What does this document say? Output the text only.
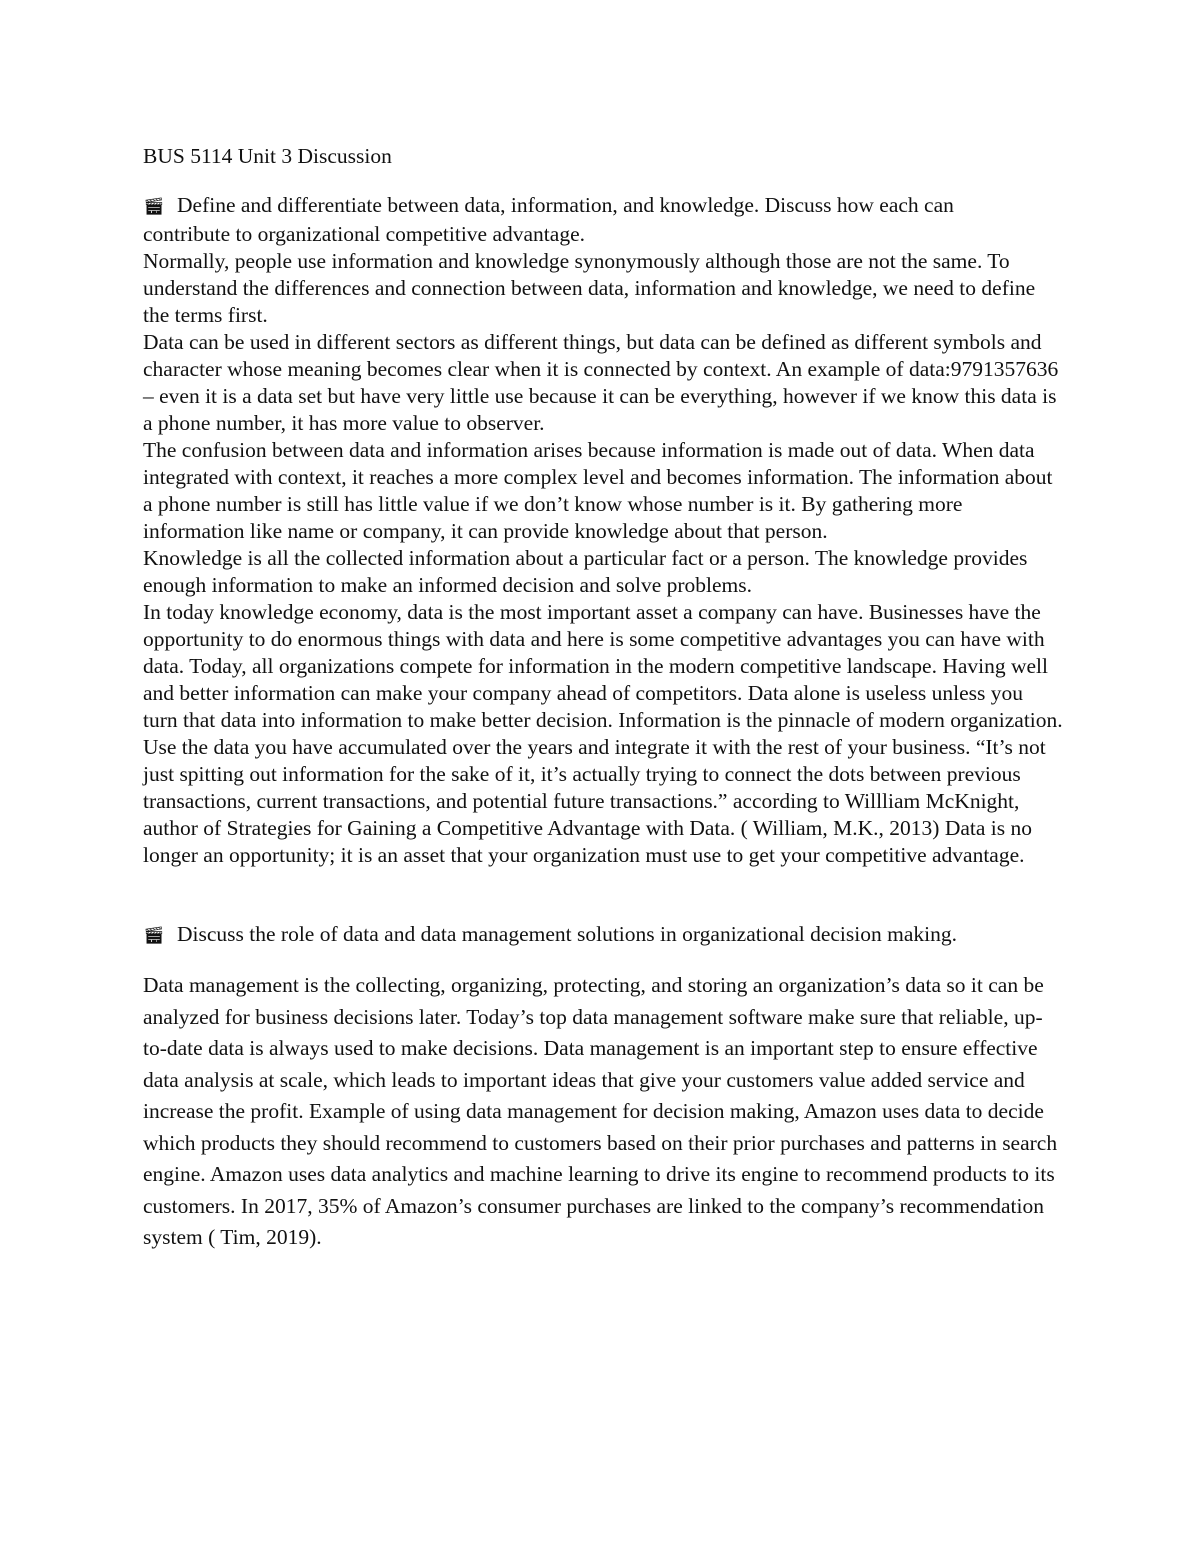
BUS 5114 Unit 3 Discussion

🎬︎ Define and differentiate between data, information, and knowledge. Discuss how each can

contribute to organizational competitive advantage.

Normally, people use information and knowledge synonymously although those are not the same. To understand the differences and connection between data, information and knowledge, we need to define the terms first.

Data can be used in different sectors as different things, but data can be defined as different symbols and character whose meaning becomes clear when it is connected by context. An example of data:9791357636 – even it is a data set but have very little use because it can be everything, however if we know this data is a phone number, it has more value to observer.

The confusion between data and information arises because information is made out of data. When data integrated with context, it reaches a more complex level and becomes information. The information about a phone number is still has little value if we don’t know whose number is it. By gathering more information like name or company, it can provide knowledge about that person.

Knowledge is all the collected information about a particular fact or a person. The knowledge provides enough information to make an informed decision and solve problems.

In today knowledge economy, data is the most important asset a company can have. Businesses have the opportunity to do enormous things with data and here is some competitive advantages you can have with data. Today, all organizations compete for information in the modern competitive landscape. Having well and better information can make your company ahead of competitors. Data alone is useless unless you turn that data into information to make better decision. Information is the pinnacle of modern organization. Use the data you have accumulated over the years and integrate it with the rest of your business. “It’s not just spitting out information for the sake of it, it’s actually trying to connect the dots between previous transactions, current transactions, and potential future transactions.” according to Willliam McKnight, author of Strategies for Gaining a Competitive Advantage with Data. ( William, M.K., 2013) Data is no longer an opportunity; it is an asset that your organization must use to get your competitive advantage.

🎬︎ Discuss the role of data and data management solutions in organizational decision making.

Data management is the collecting, organizing, protecting, and storing an organization’s data so it can be analyzed for business decisions later. Today’s top data management software make sure that reliable, up-to-date data is always used to make decisions. Data management is an important step to ensure effective data analysis at scale, which leads to important ideas that give your customers value added service and increase the profit. Example of using data management for decision making, Amazon uses data to decide which products they should recommend to customers based on their prior purchases and patterns in search engine. Amazon uses data analytics and machine learning to drive its engine to recommend products to its customers. In 2017, 35% of Amazon’s consumer purchases are linked to the company’s recommendation system ( Tim, 2019).
